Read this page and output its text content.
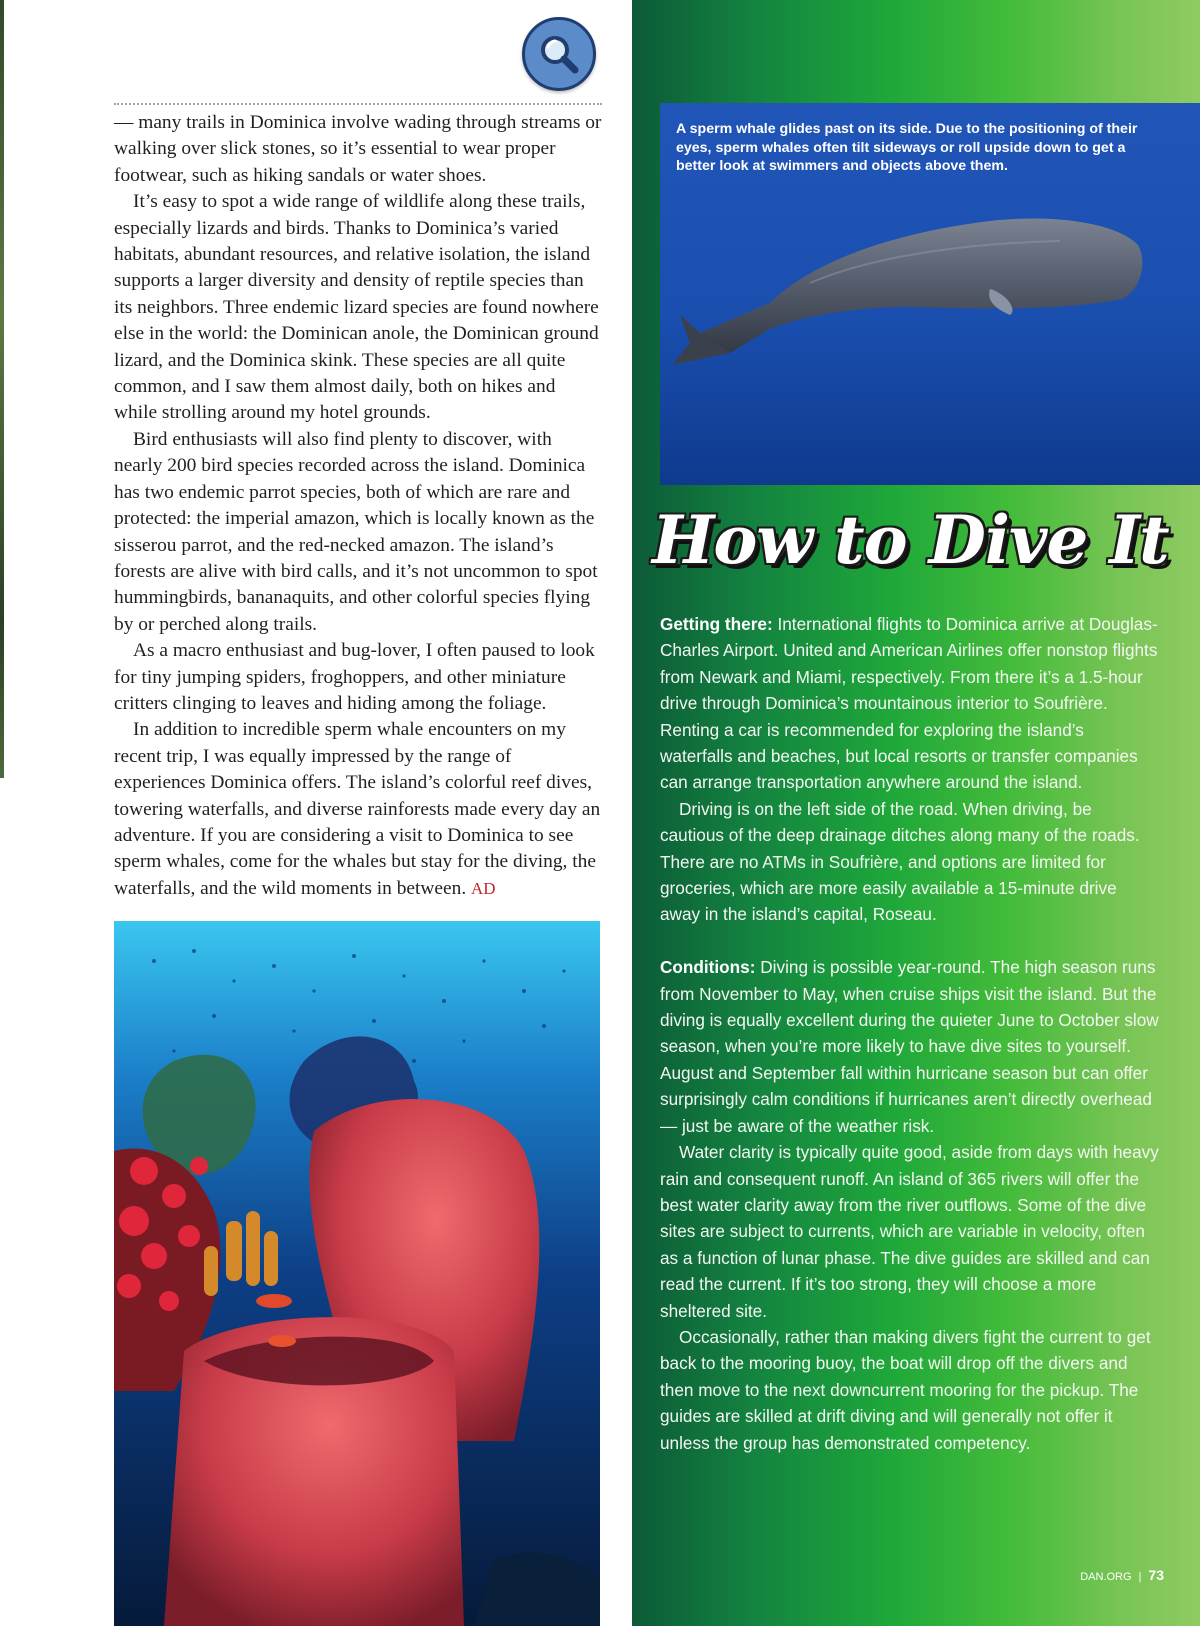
— many trails in Dominica involve wading through streams or walking over slick stones, so it’s essential to wear proper footwear, such as hiking sandals or water shoes.

It’s easy to spot a wide range of wildlife along these trails, especially lizards and birds. Thanks to Dominica’s varied habitats, abundant resources, and relative isolation, the island supports a larger diversity and density of reptile species than its neighbors. Three endemic lizard species are found nowhere else in the world: the Dominican anole, the Dominican ground lizard, and the Dominica skink. These species are all quite common, and I saw them almost daily, both on hikes and while strolling around my hotel grounds.

Bird enthusiasts will also find plenty to discover, with nearly 200 bird species recorded across the island. Dominica has two endemic parrot species, both of which are rare and protected: the imperial amazon, which is locally known as the sisserou parrot, and the red-necked amazon. The island’s forests are alive with bird calls, and it’s not uncommon to spot hummingbirds, bananaquits, and other colorful species flying by or perched along trails.

As a macro enthusiast and bug-lover, I often paused to look for tiny jumping spiders, froghoppers, and other miniature critters clinging to leaves and hiding among the foliage.

In addition to incredible sperm whale encounters on my recent trip, I was equally impressed by the range of experiences Dominica offers. The island’s colorful reef dives, towering waterfalls, and diverse rainforests made every day an adventure. If you are considering a visit to Dominica to see sperm whales, come for the whales but stay for the diving, the waterfalls, and the wild moments in between. AD

A sperm whale glides past on its side. Due to the positioning of their eyes, sperm whales often tilt sideways or roll upside down to get a better look at swimmers and objects above them.
How to Dive It

Getting there: International flights to Dominica arrive at Douglas-Charles Airport. United and American Airlines offer nonstop flights from Newark and Miami, respectively. From there it’s a 1.5-hour drive through Dominica’s mountainous interior to Soufrière. Renting a car is recommended for exploring the island’s waterfalls and beaches, but local resorts or transfer companies can arrange transportation anywhere around the island.

Driving is on the left side of the road. When driving, be cautious of the deep drainage ditches along many of the roads. There are no ATMs in Soufrière, and options are limited for groceries, which are more easily available a 15-minute drive away in the island’s capital, Roseau.

Conditions: Diving is possible year-round. The high season runs from November to May, when cruise ships visit the island. But the diving is equally excellent during the quieter June to October slow season, when you’re more likely to have dive sites to yourself. August and September fall within hurricane season but can offer surprisingly calm conditions if hurricanes aren’t directly overhead — just be aware of the weather risk.

Water clarity is typically quite good, aside from days with heavy rain and consequent runoff. An island of 365 rivers will offer the best water clarity away from the river outflows. Some of the dive sites are subject to currents, which are variable in velocity, often as a function of lunar phase. The dive guides are skilled and can read the current. If it’s too strong, they will choose a more sheltered site.

Occasionally, rather than making divers fight the current to get back to the mooring buoy, the boat will drop off the divers and then move to the next downcurrent mooring for the pickup. The guides are skilled at drift diving and will generally not offer it unless the group has demonstrated competency.

DAN.ORG | 73
